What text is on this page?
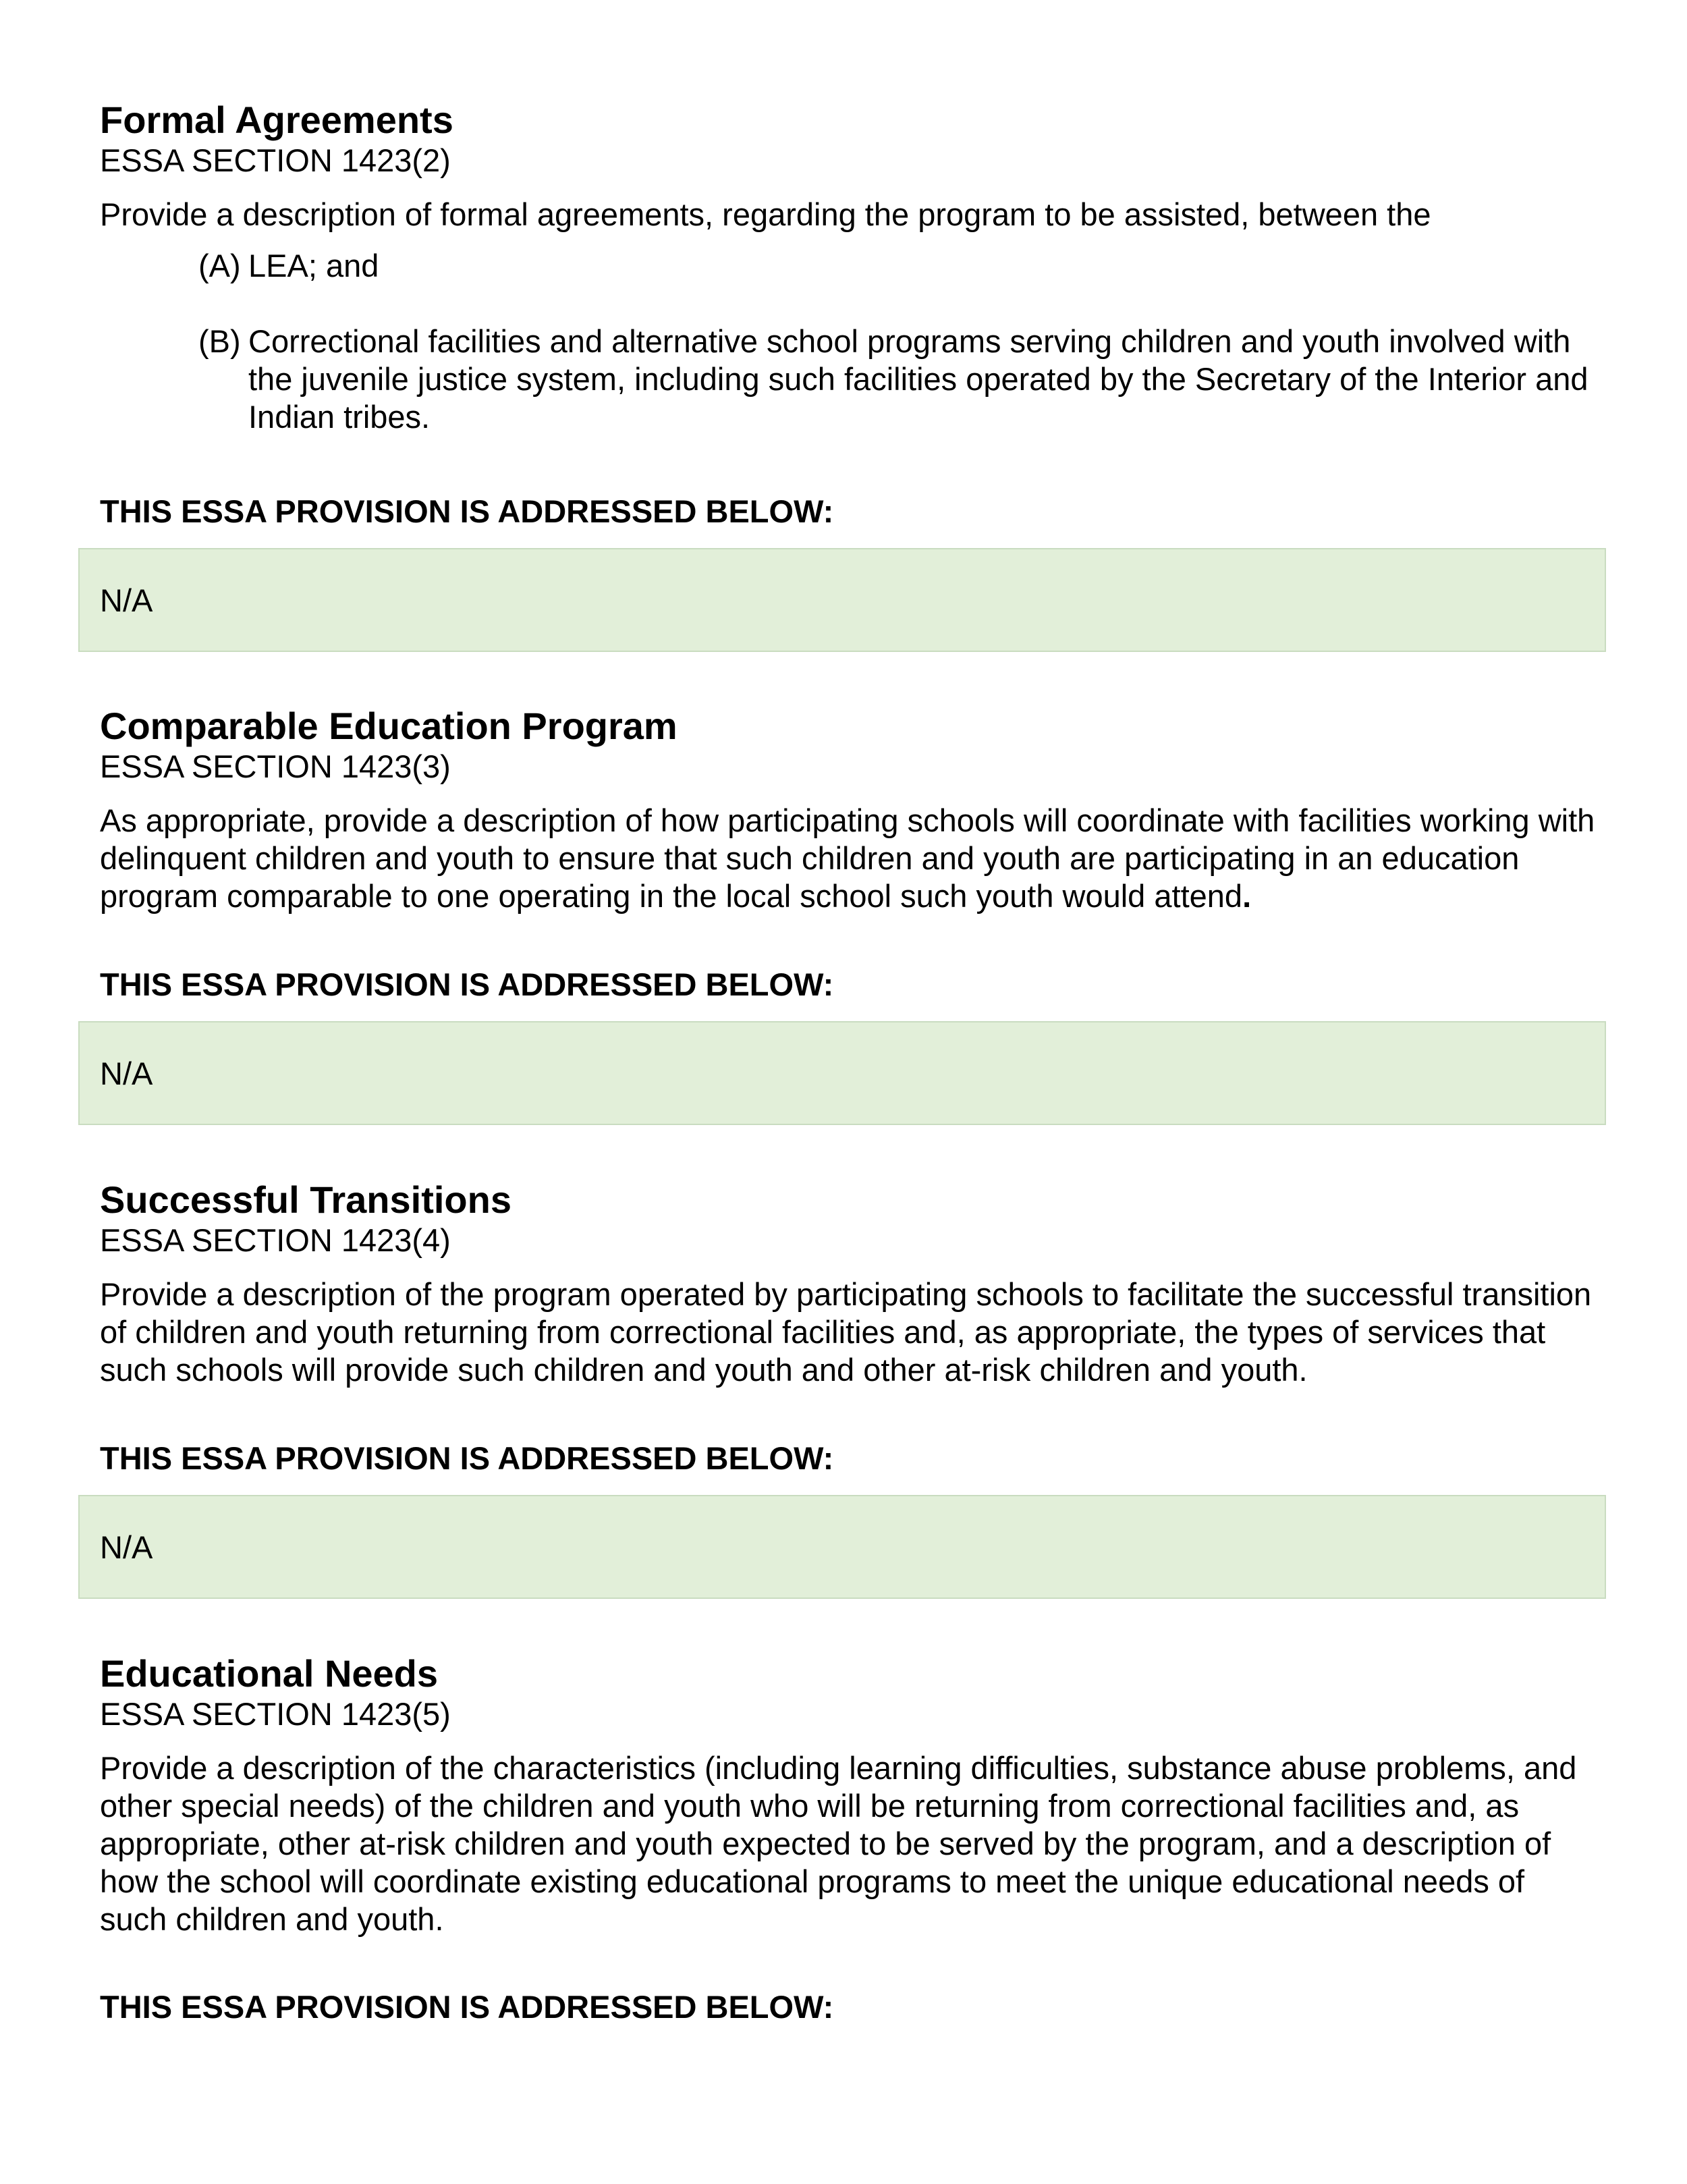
Formal Agreements

ESSA SECTION 1423(2)

Provide a description of formal agreements, regarding the program to be assisted, between the

(A) LEA; and
(B) Correctional facilities and alternative school programs serving children and youth involved with the juvenile justice system, including such facilities operated by the Secretary of the Interior and Indian tribes.
THIS ESSA PROVISION IS ADDRESSED BELOW:
N/A
Comparable Education Program

ESSA SECTION 1423(3)

As appropriate, provide a description of how participating schools will coordinate with facilities working with delinquent children and youth to ensure that such children and youth are participating in an education program comparable to one operating in the local school such youth would attend.

THIS ESSA PROVISION IS ADDRESSED BELOW:
N/A
Successful Transitions

ESSA SECTION 1423(4)

Provide a description of the program operated by participating schools to facilitate the successful transition of children and youth returning from correctional facilities and, as appropriate, the types of services that such schools will provide such children and youth and other at-risk children and youth.

THIS ESSA PROVISION IS ADDRESSED BELOW:
N/A
Educational Needs

ESSA SECTION 1423(5)

Provide a description of the characteristics (including learning difficulties, substance abuse problems, and other special needs) of the children and youth who will be returning from correctional facilities and, as appropriate, other at-risk children and youth expected to be served by the program, and a description of how the school will coordinate existing educational programs to meet the unique educational needs of such children and youth.

THIS ESSA PROVISION IS ADDRESSED BELOW:
